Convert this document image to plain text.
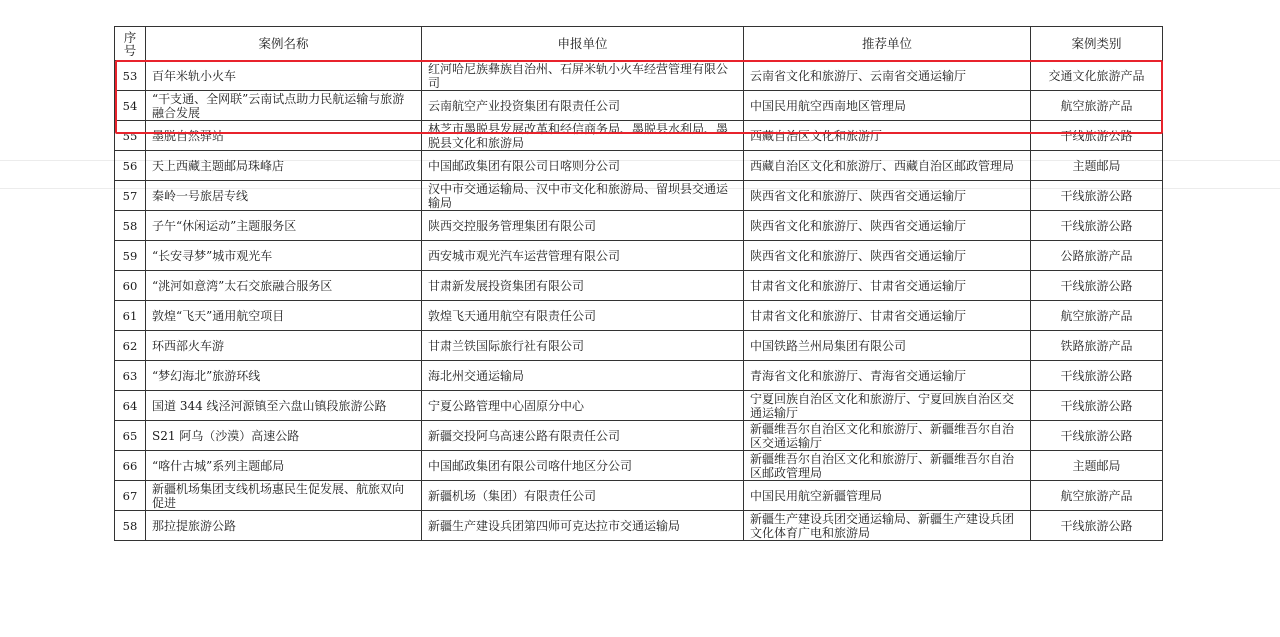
序
号	案例名称	申报单位	推荐单位	案例类别
53	百年米轨小火车	红河哈尼族彝族自治州、石屏米轨小火车经营管理有限公司	云南省文化和旅游厅、云南省交通运输厅	交通文化旅游产品
54	“干支通、全网联”云南试点助力民航运输与旅游融合发展	云南航空产业投资集团有限责任公司	中国民用航空西南地区管理局	航空旅游产品
55	墨脱自然驿站	林芝市墨脱县发展改革和经信商务局、墨脱县水利局、墨脱县文化和旅游局	西藏自治区文化和旅游厅	干线旅游公路
56	天上西藏主题邮局珠峰店	中国邮政集团有限公司日喀则分公司	西藏自治区文化和旅游厅、西藏自治区邮政管理局	主题邮局
57	秦岭一号旅居专线	汉中市交通运输局、汉中市文化和旅游局、留坝县交通运输局	陕西省文化和旅游厅、陕西省交通运输厅	干线旅游公路
58	子午“休闲运动”主题服务区	陕西交控服务管理集团有限公司	陕西省文化和旅游厅、陕西省交通运输厅	干线旅游公路
59	“长安寻梦”城市观光车	西安城市观光汽车运营管理有限公司	陕西省文化和旅游厅、陕西省交通运输厅	公路旅游产品
60	“洮河如意湾”太石交旅融合服务区	甘肃新发展投资集团有限公司	甘肃省文化和旅游厅、甘肃省交通运输厅	干线旅游公路
61	敦煌“飞天”通用航空项目	敦煌飞天通用航空有限责任公司	甘肃省文化和旅游厅、甘肃省交通运输厅	航空旅游产品
62	环西部火车游	甘肃兰铁国际旅行社有限公司	中国铁路兰州局集团有限公司	铁路旅游产品
63	“梦幻海北”旅游环线	海北州交通运输局	青海省文化和旅游厅、青海省交通运输厅	干线旅游公路
64	国道 344 线泾河源镇至六盘山镇段旅游公路	宁夏公路管理中心固原分中心	宁夏回族自治区文化和旅游厅、宁夏回族自治区交通运输厅	干线旅游公路
65	S21 阿乌（沙漠）高速公路	新疆交投阿乌高速公路有限责任公司	新疆维吾尔自治区文化和旅游厅、新疆维吾尔自治区交通运输厅	干线旅游公路
66	“喀什古城”系列主题邮局	中国邮政集团有限公司喀什地区分公司	新疆维吾尔自治区文化和旅游厅、新疆维吾尔自治区邮政管理局	主题邮局
67	新疆机场集团支线机场惠民生促发展、航旅双向促进	新疆机场（集团）有限责任公司	中国民用航空新疆管理局	航空旅游产品
58	那拉提旅游公路	新疆生产建设兵团第四师可克达拉市交通运输局	新疆生产建设兵团交通运输局、新疆生产建设兵团文化体育广电和旅游局	干线旅游公路
